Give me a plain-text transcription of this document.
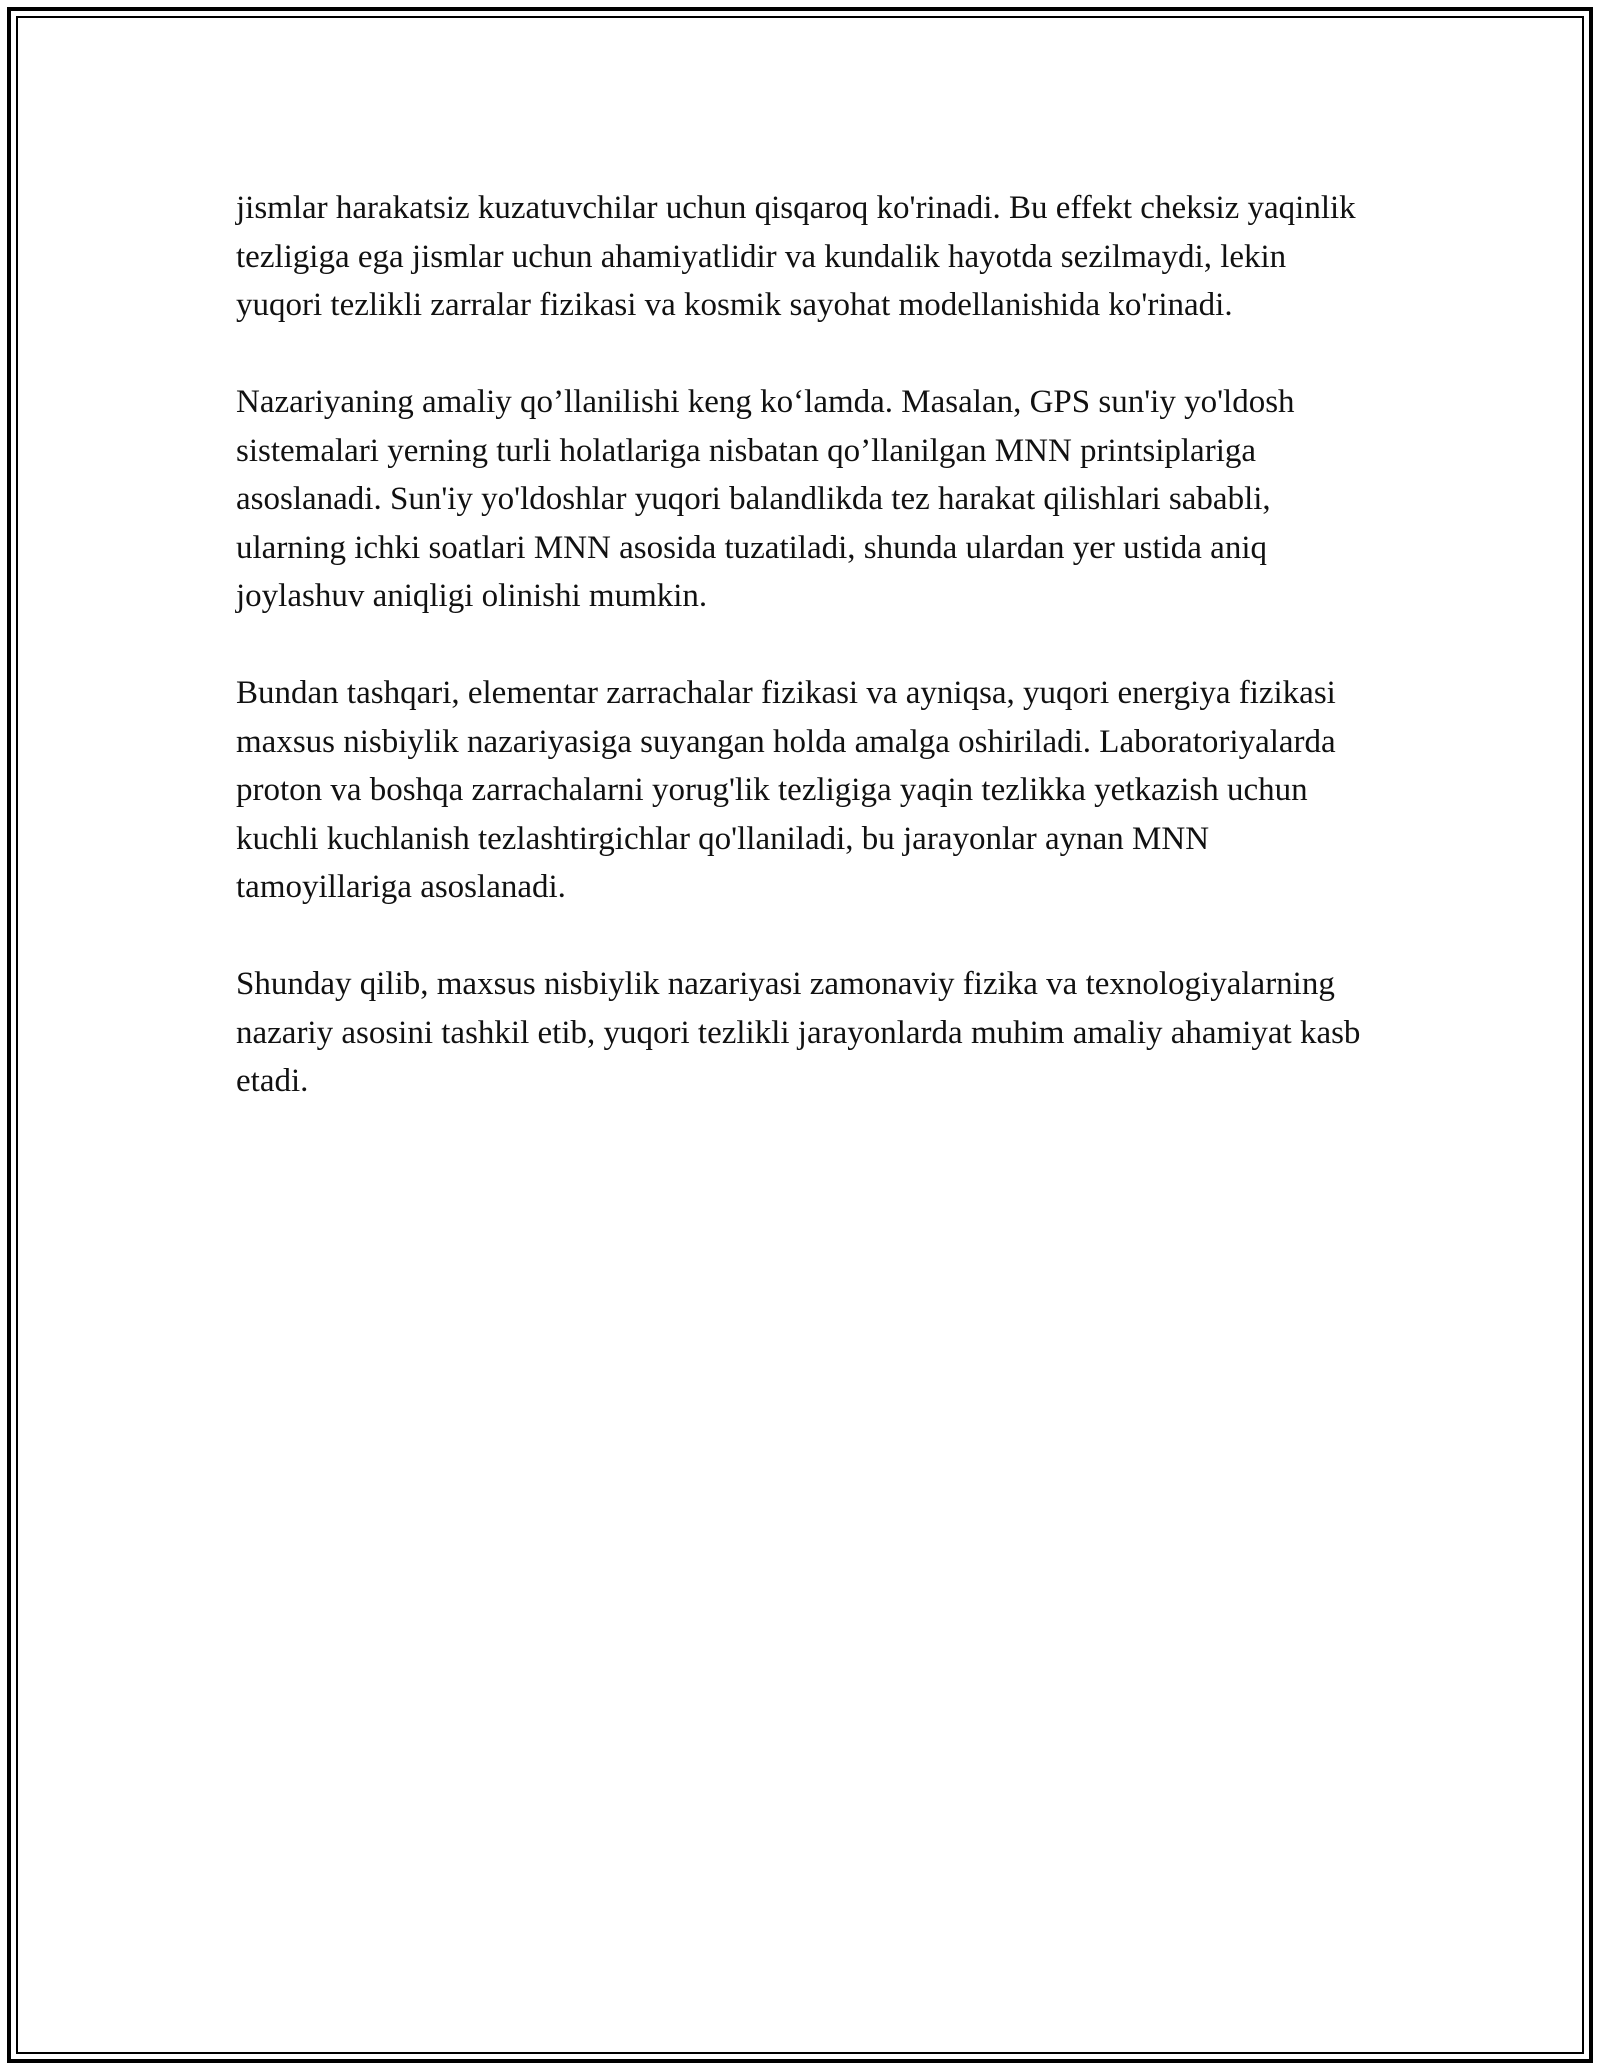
jismlar harakatsiz kuzatuvchilar uchun qisqaroq ko'rinadi. Bu effekt cheksiz yaqinlik tezligiga ega jismlar uchun ahamiyatlidir va kundalik hayotda sezilmaydi, lekin yuqori tezlikli zarralar fizikasi va kosmik sayohat modellanishida ko'rinadi.

Nazariyaning amaliy qo’llanilishi keng ko‘lamda. Masalan, GPS sun'iy yo'ldosh sistemalari yerning turli holatlariga nisbatan qo’llanilgan MNN printsiplariga asoslanadi. Sun'iy yo'ldoshlar yuqori balandlikda tez harakat qilishlari sababli, ularning ichki soatlari MNN asosida tuzatiladi, shunda ulardan yer ustida aniq joylashuv aniqligi olinishi mumkin.

Bundan tashqari, elementar zarrachalar fizikasi va ayniqsa, yuqori energiya fizikasi maxsus nisbiylik nazariyasiga suyangan holda amalga oshiriladi. Laboratoriyalarda proton va boshqa zarrachalarni yorug'lik tezligiga yaqin tezlikka yetkazish uchun kuchli kuchlanish tezlashtirgichlar qo'llaniladi, bu jarayonlar aynan MNN tamoyillariga asoslanadi.

Shunday qilib, maxsus nisbiylik nazariyasi zamonaviy fizika va texnologiyalarning nazariy asosini tashkil etib, yuqori tezlikli jarayonlarda muhim amaliy ahamiyat kasb etadi.
